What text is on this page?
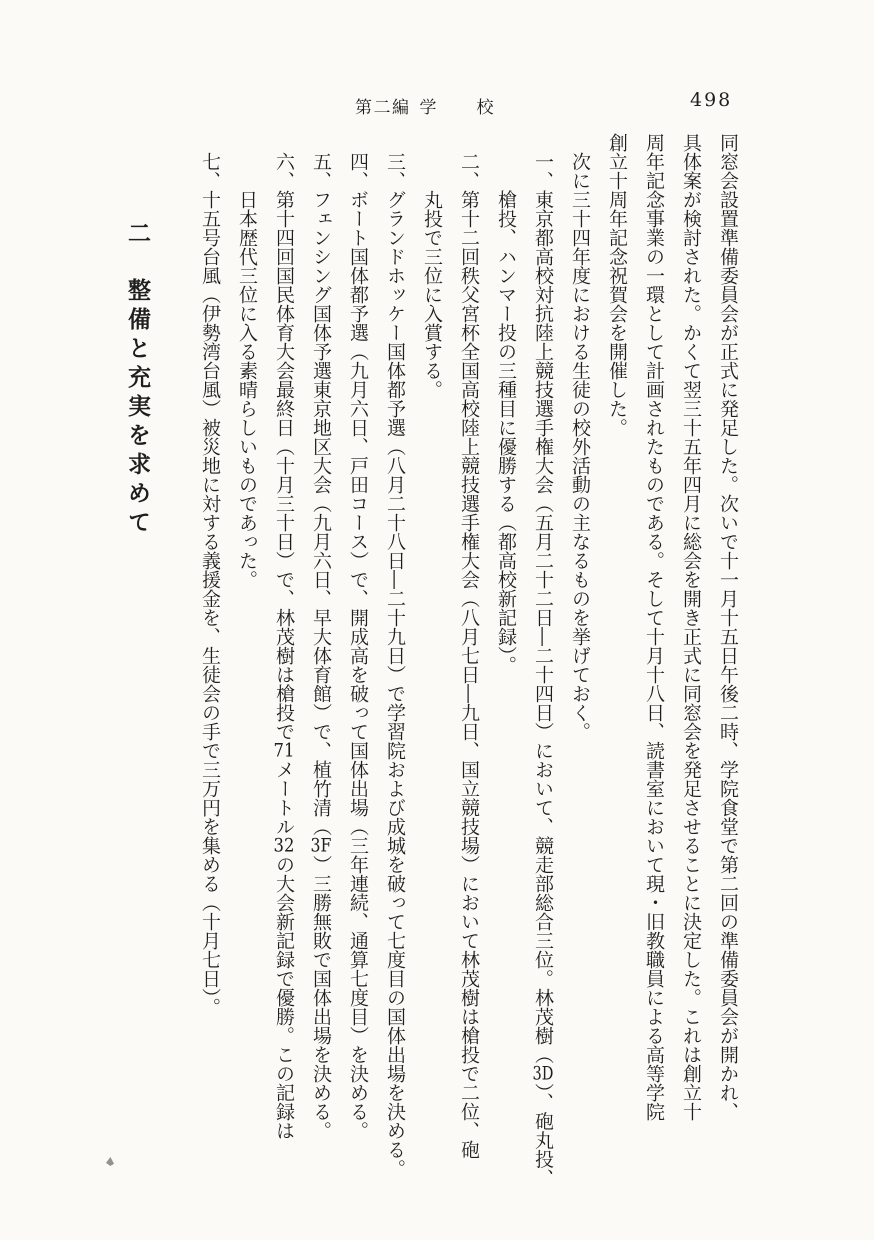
第二編 学　　校	498

同窓会設置準備委員会が正式に発足した。次いで十一月十五日午後二時、学院食堂で第二回の準備委員会が開かれ、

具体案が検討された。かくて翌三十五年四月に総会を開き正式に同窓会を発足させることに決定した。これは創立十

周年記念事業の一環として計画されたものである。そして十月十八日、読書室において現・旧教職員による高等学院

創立十周年記念祝賀会を開催した。

次に三十四年度における生徒の校外活動の主なるものを挙げておく。

一、東京都高校対抗陸上競技選手権大会（五月二十二日―二十四日）において、競走部総合三位。林茂樹（3D）、砲丸投、

槍投、ハンマー投の三種目に優勝する（都高校新記録）。

二、第十二回秩父宮杯全国高校陸上競技選手権大会（八月七日―九日、国立競技場）において林茂樹は槍投で二位、砲

丸投で三位に入賞する。

三、グランドホッケー国体都予選（八月二十八日―二十九日）で学習院および成城を破って七度目の国体出場を決める。

四、ボート国体都予選（九月六日、戸田コース）で、開成高を破って国体出場（三年連続、通算七度目）を決める。

五、フェンシング国体予選東京地区大会（九月六日、早大体育館）で、植竹清（3F）三勝無敗で国体出場を決める。

六、第十四回国民体育大会最終日（十月三十日）で、林茂樹は槍投で71メートル32の大会新記録で優勝。この記録は

日本歴代三位に入る素晴らしいものであった。

七、十五号台風（伊勢湾台風）被災地に対する義援金を、生徒会の手で三万円を集める（十月七日）。

二整備と充実を求めて
